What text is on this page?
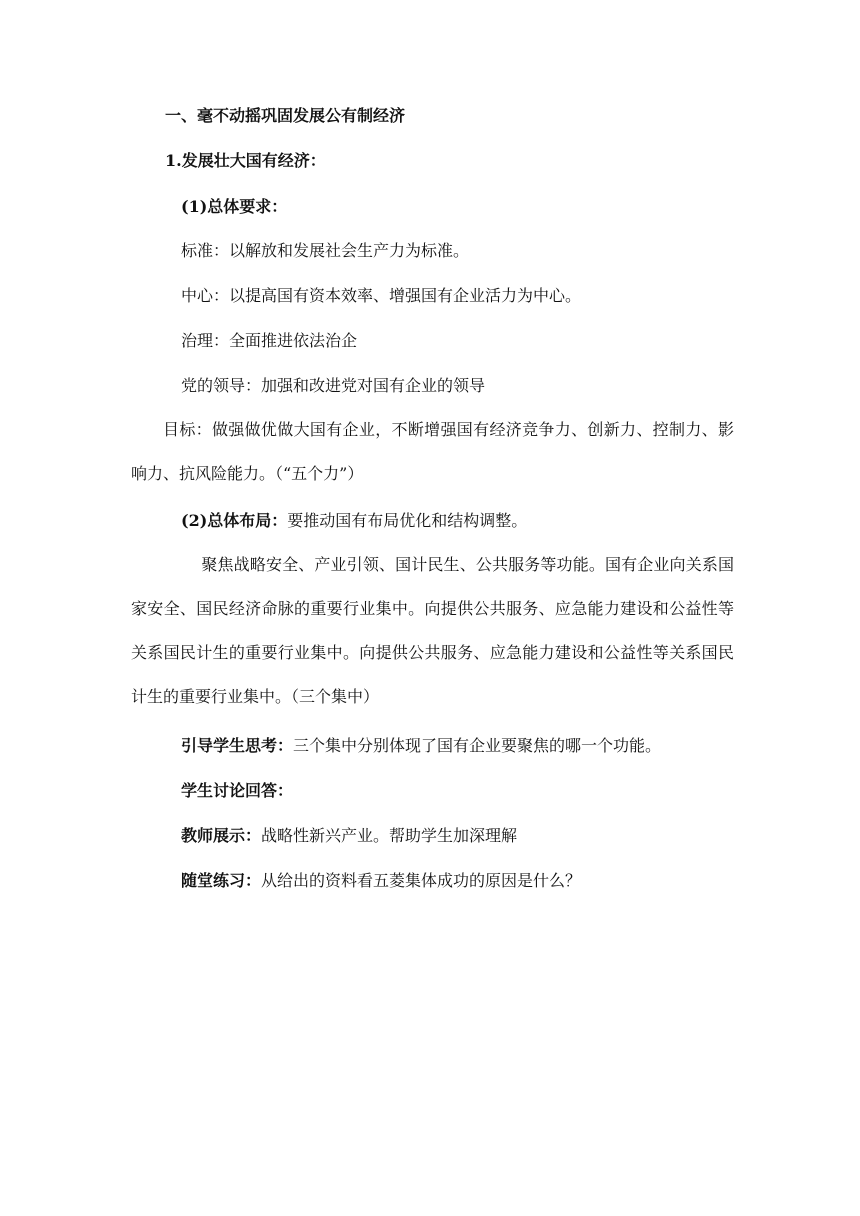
一、毫不动摇巩固发展公有制经济
1.发展壮大国有经济：
(1)总体要求：
标准：以解放和发展社会生产力为标准。
中心：以提高国有资本效率、增强国有企业活力为中心。
治理：全面推进依法治企
党的领导：加强和改进党对国有企业的领导
目标：做强做优做大国有企业，不断增强国有经济竞争力、创新力、控制力、影响力、抗风险能力。（“五个力”）
(2)总体布局：要推动国有布局优化和结构调整。
聚焦战略安全、产业引领、国计民生、公共服务等功能。国有企业向关系国家安全、国民经济命脉的重要行业集中。向提供公共服务、应急能力建设和公益性等关系国民计生的重要行业集中。向提供公共服务、应急能力建设和公益性等关系国民计生的重要行业集中。（三个集中）
引导学生思考：三个集中分别体现了国有企业要聚焦的哪一个功能。
学生讨论回答：
教师展示：战略性新兴产业。帮助学生加深理解
随堂练习：从给出的资料看五菱集体成功的原因是什么？
